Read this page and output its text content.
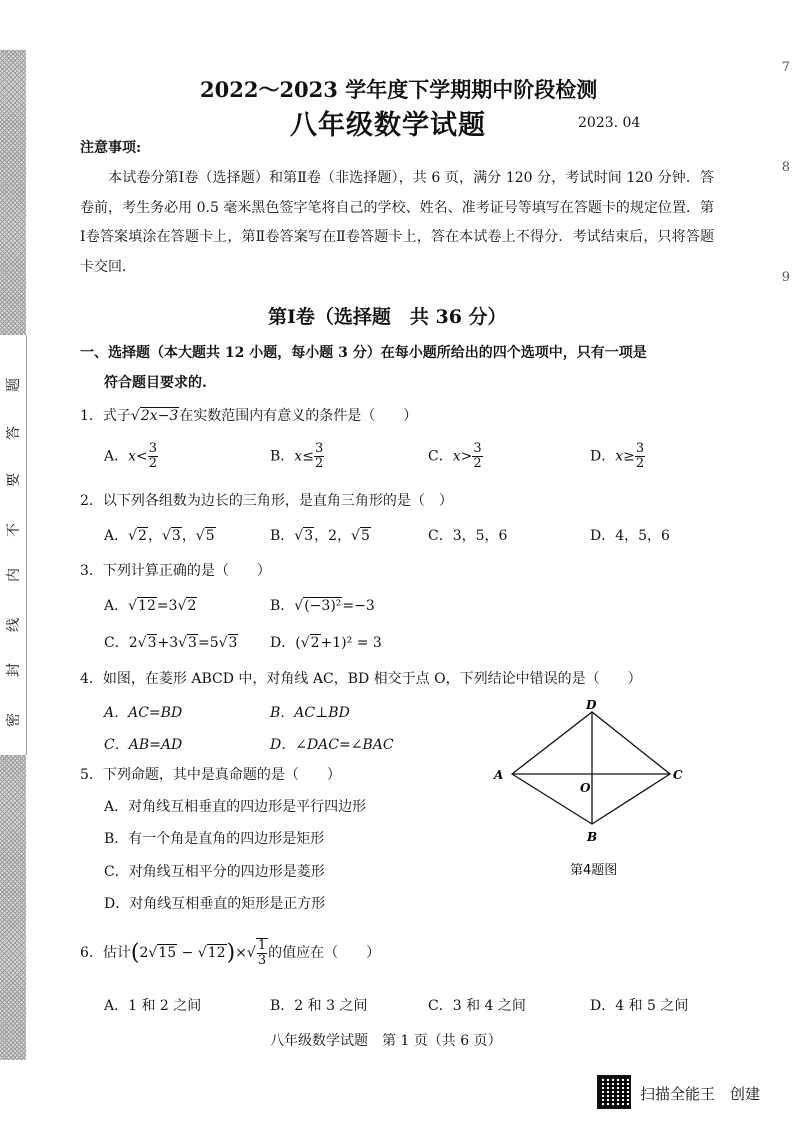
密
封
线
内
不
要
答
题
7
8
9
2022～2023 学年度下学期期中阶段检测
八年级数学试题	2023. 04
注意事项:
本试卷分第Ⅰ卷（选择题）和第Ⅱ卷（非选择题），共 6 页，满分 120 分，考试时间 120 分钟．答卷前，考生务必用 0.5 毫米黑色签字笔将自己的学校、姓名、准考证号等填写在答题卡的规定位置．第Ⅰ卷答案填涂在答题卡上，第Ⅱ卷答案写在Ⅱ卷答题卡上，答在本试卷上不得分．考试结束后，只将答题卡交回．
第Ⅰ卷（选择题　共 36 分）
一、选择题（本大题共 12 小题，每小题 3 分）在每小题所给出的四个选项中，只有一项是
符合题目要求的.
1．式子√2x−3在实数范围内有意义的条件是（　　）
A．$x< \frac{3}{2}$	B．$x\le \frac{3}{2}$	C．$x> \frac{3}{2}$	D．$x\ge \frac{3}{2}$
2．以下列各组数为边长的三角形，是直角三角形的是（　）
A．√2，√3，√5	B．√3，2，√5	C．3，5，6	D．4，5，6
3．下列计算正确的是（　　）
A．√12=3√2	B．√(−3)²=−3
C．2√3+3√3=5√3 D．(√2+1)² = 3
4．如图，在菱形 ABCD 中，对角线 AC，BD 相交于点 O，下列结论中错误的是（　　）
A．AC=BD	B．AC⊥BD
C．AB=AD	D．∠DAC=∠BAC
A	C
D
B
O
第4题图
5．下列命题，其中是真命题的是（　　）
A．对角线互相垂直的四边形是平行四边形
B．有一个角是直角的四边形是矩形
C．对角线互相平分的四边形是菱形
D．对角线互相垂直的矩形是正方形
6．估计$(2√15 - √12)\times√ \frac{1}{3}$ 的值应在（　　）
A．1 和 2 之间	B．2 和 3 之间	C．3 和 4 之间	D．4 和 5 之间
八年级数学试题　第 1 页（共 6 页）
扫描全能王　创建
